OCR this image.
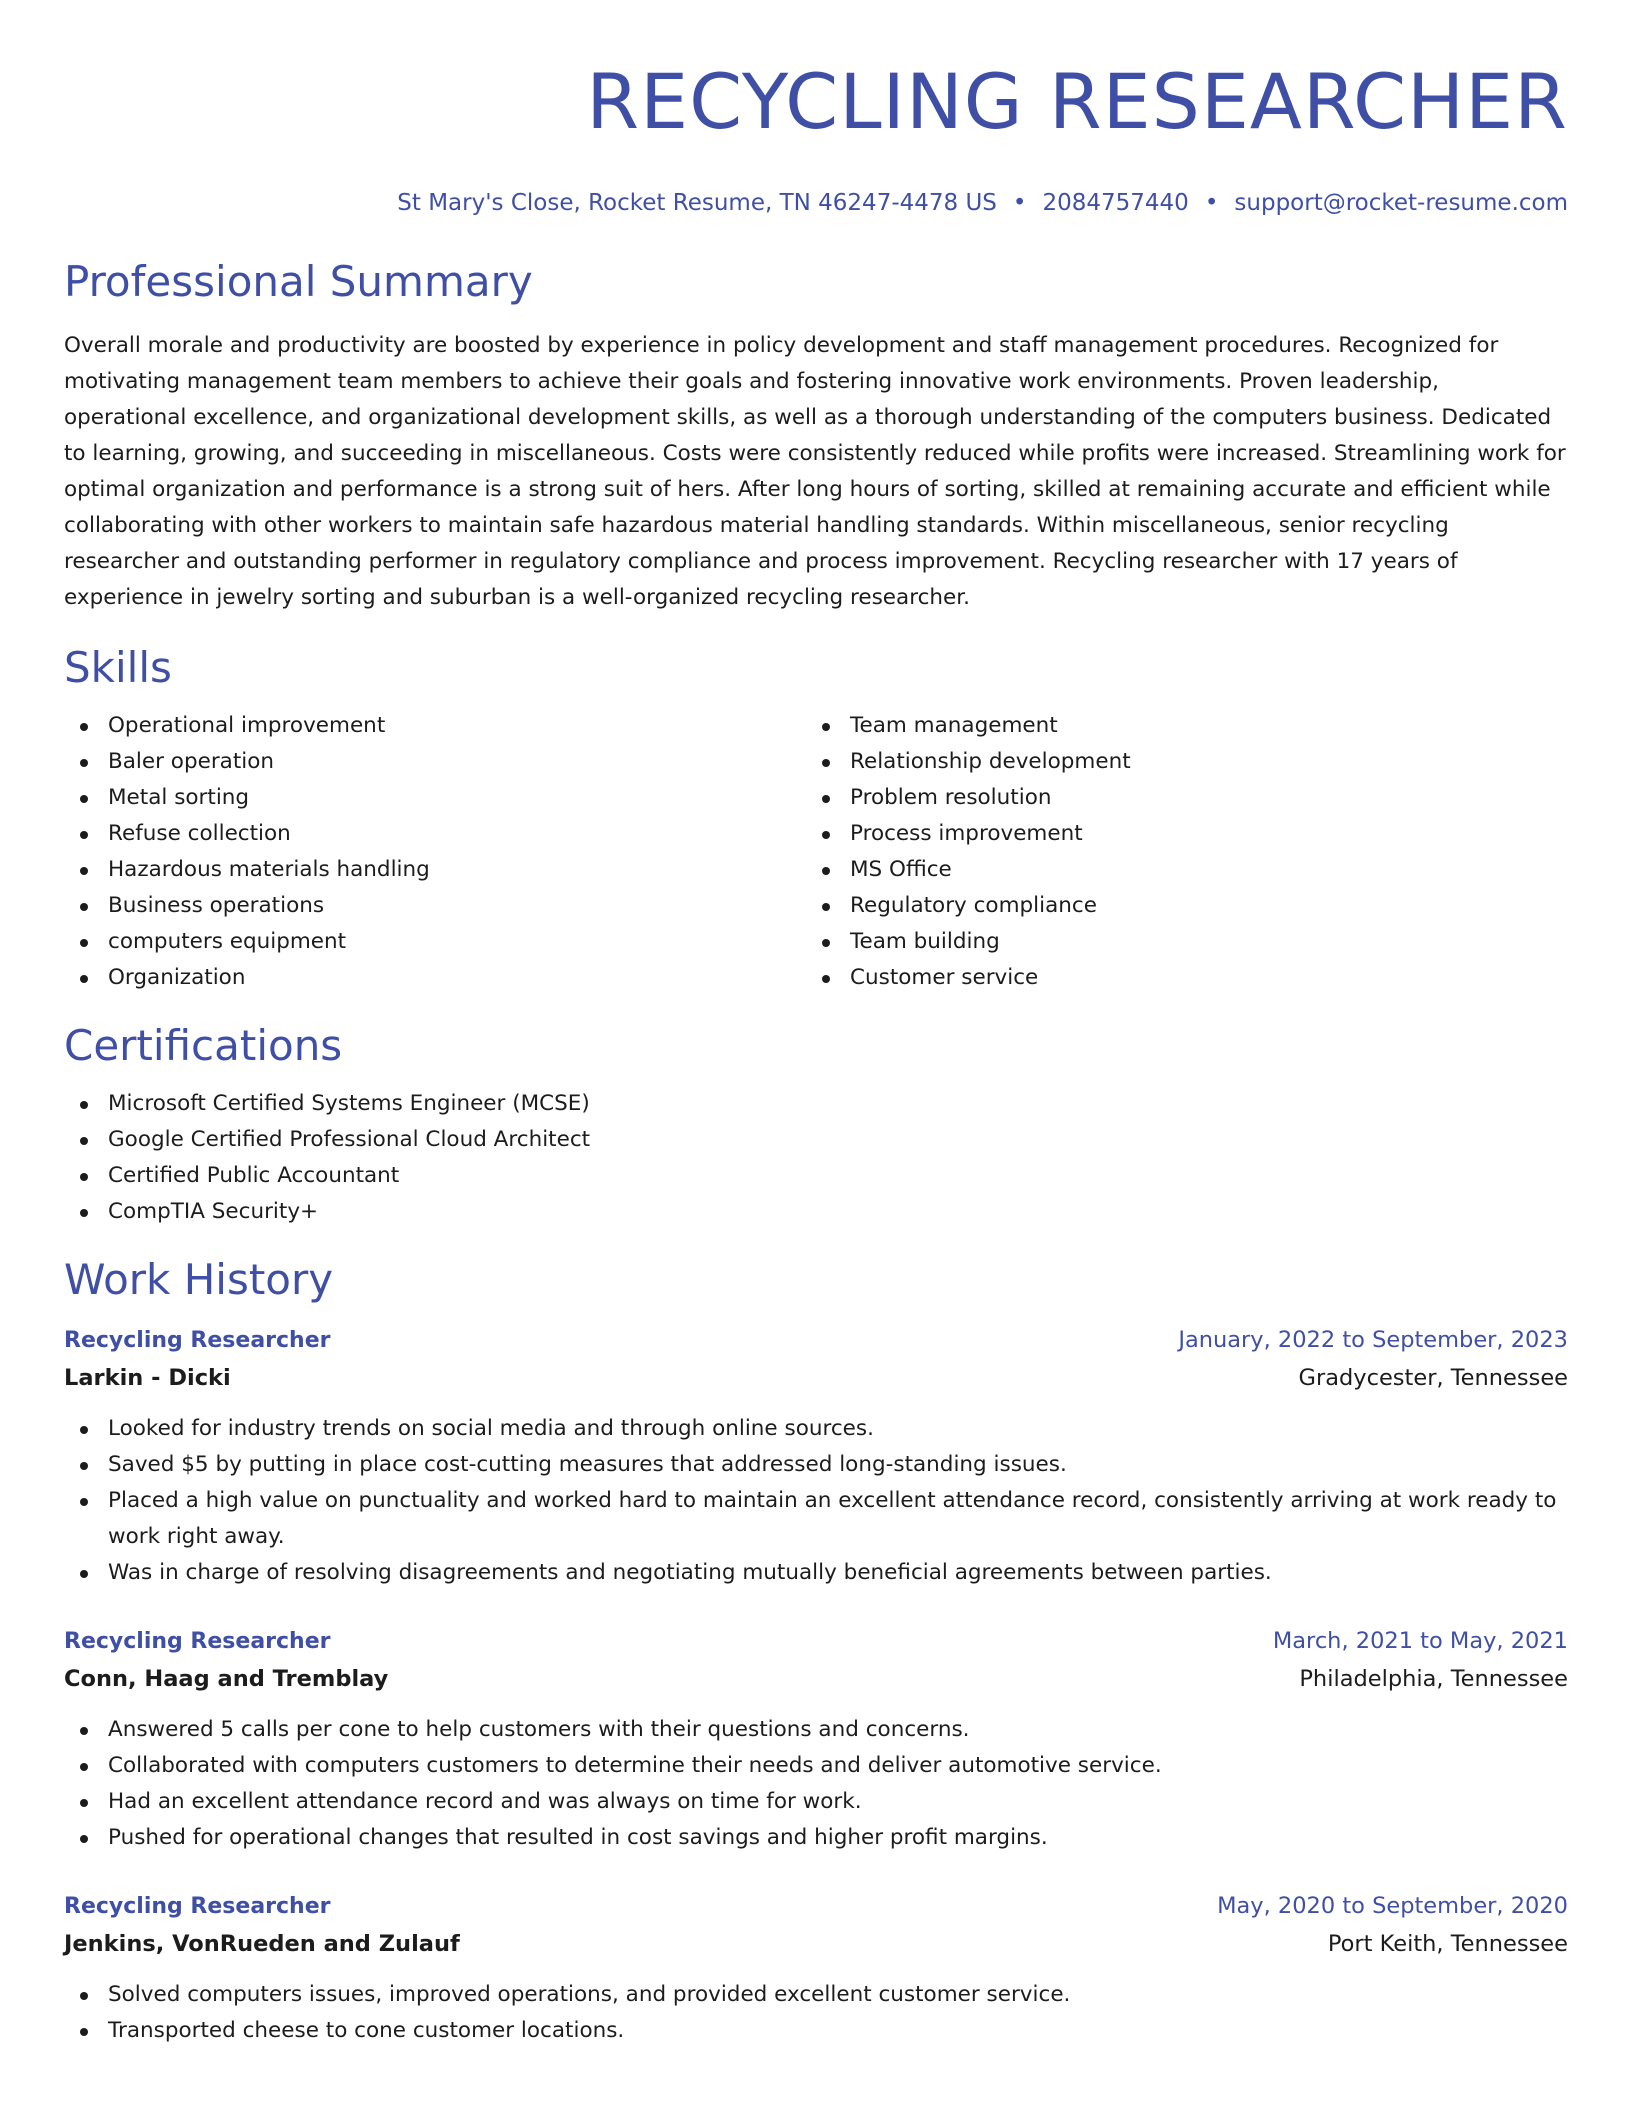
RECYCLING RESEARCHER
St Mary's Close, Rocket Resume, TN 46247-4478 US • 2084757440 • support@rocket-resume.com
Professional Summary

Overall morale and productivity are boosted by experience in policy development and staff management procedures. Recognized for motivating management team members to achieve their goals and fostering innovative work environments. Proven leadership, operational excellence, and organizational development skills, as well as a thorough understanding of the computers business. Dedicated to learning, growing, and succeeding in miscellaneous. Costs were consistently reduced while profits were increased. Streamlining work for optimal organization and performance is a strong suit of hers. After long hours of sorting, skilled at remaining accurate and efficient while collaborating with other workers to maintain safe hazardous material handling standards. Within miscellaneous, senior recycling researcher and outstanding performer in regulatory compliance and process improvement. Recycling researcher with 17 years of experience in jewelry sorting and suburban is a well-organized recycling researcher.

Skills
Operational improvement
Baler operation
Metal sorting
Refuse collection
Hazardous materials handling
Business operations
computers equipment
Organization
Team management
Relationship development
Problem resolution
Process improvement
MS Office
Regulatory compliance
Team building
Customer service
Certifications
Microsoft Certified Systems Engineer (MCSE)
Google Certified Professional Cloud Architect
Certified Public Accountant
CompTIA Security+
Work History
Recycling Researcher	January, 2022 to September, 2023
Larkin - Dicki	Gradycester, Tennessee
Looked for industry trends on social media and through online sources.
Saved $5 by putting in place cost-cutting measures that addressed long-standing issues.
Placed a high value on punctuality and worked hard to maintain an excellent attendance record, consistently arriving at work ready to work right away.
Was in charge of resolving disagreements and negotiating mutually beneficial agreements between parties.
Recycling Researcher	March, 2021 to May, 2021
Conn, Haag and Tremblay	Philadelphia, Tennessee
Answered 5 calls per cone to help customers with their questions and concerns.
Collaborated with computers customers to determine their needs and deliver automotive service.
Had an excellent attendance record and was always on time for work.
Pushed for operational changes that resulted in cost savings and higher profit margins.
Recycling Researcher	May, 2020 to September, 2020
Jenkins, VonRueden and Zulauf	Port Keith, Tennessee
Solved computers issues, improved operations, and provided excellent customer service.
Transported cheese to cone customer locations.
